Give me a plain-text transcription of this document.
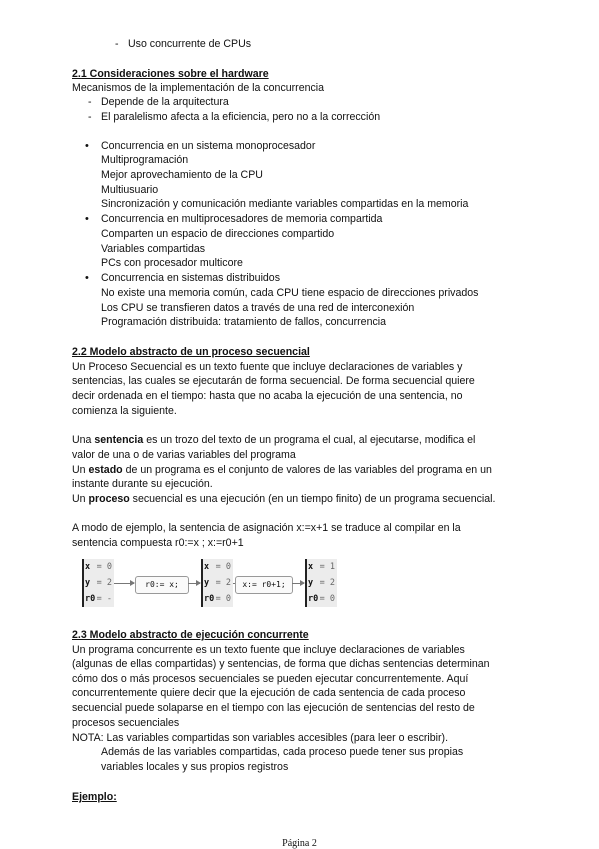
- Uso concurrente de CPUs
2.1 Consideraciones sobre el hardware
Mecanismos de la implementación de la concurrencia
- Depende de la arquitectura
- El paralelismo afecta a la eficiencia, pero no a la corrección
• Concurrencia en un sistema monoprocesador
Multiprogramación
Mejor aprovechamiento de la CPU
Multiusuario
Sincronización y comunicación mediante variables compartidas en la memoria
• Concurrencia en multiprocesadores de memoria compartida
Comparten un espacio de direcciones compartido
Variables compartidas
PCs con procesador multicore
• Concurrencia en sistemas distribuidos
No existe una memoria común, cada CPU tiene espacio de direcciones privados
Los CPU se transfieren datos a través de una red de interconexión
Programación distribuida: tratamiento de fallos, concurrencia
2.2 Modelo abstracto de un proceso secuencial
Un Proceso Secuencial es un texto fuente que incluye declaraciones de variables y
sentencias, las cuales se ejecutarán de forma secuencial. De forma secuencial quiere
decir ordenada en el tiempo: hasta que no acaba la ejecución de una sentencia, no
comienza la siguiente.
Una sentencia es un trozo del texto de un programa el cual, al ejecutarse, modifica el
valor de una o de varias variables del programa
Un estado de un programa es el conjunto de valores de las variables del programa en un
instante durante su ejecución.
Un proceso secuencial es una ejecución (en un tiempo finito) de un programa secuencial.
A modo de ejemplo, la sentencia de asignación x:=x+1 se traduce al compilar en la
sentencia compuesta r0:=x ; x:=r0+1
x = 0
y = 2
r0 = -
r0:= x;
x = 0
y = 2
r0 = 0
x:= r0+1;
x = 1
y = 2
r0 = 0
2.3 Modelo abstracto de ejecución concurrente
Un programa concurrente es un texto fuente que incluye declaraciones de variables
(algunas de ellas compartidas) y sentencias, de forma que dichas sentencias determinan
cómo dos o más procesos secuenciales se pueden ejecutar concurrentemente. Aquí
concurrentemente quiere decir que la ejecución de cada sentencia de cada proceso
secuencial puede solaparse en el tiempo con las ejecución de sentencias del resto de
procesos secuenciales
NOTA: Las variables compartidas son variables accesibles (para leer o escribir).
Además de las variables compartidas, cada proceso puede tener sus propias
variables locales y sus propios registros
Ejemplo:
Página 2
